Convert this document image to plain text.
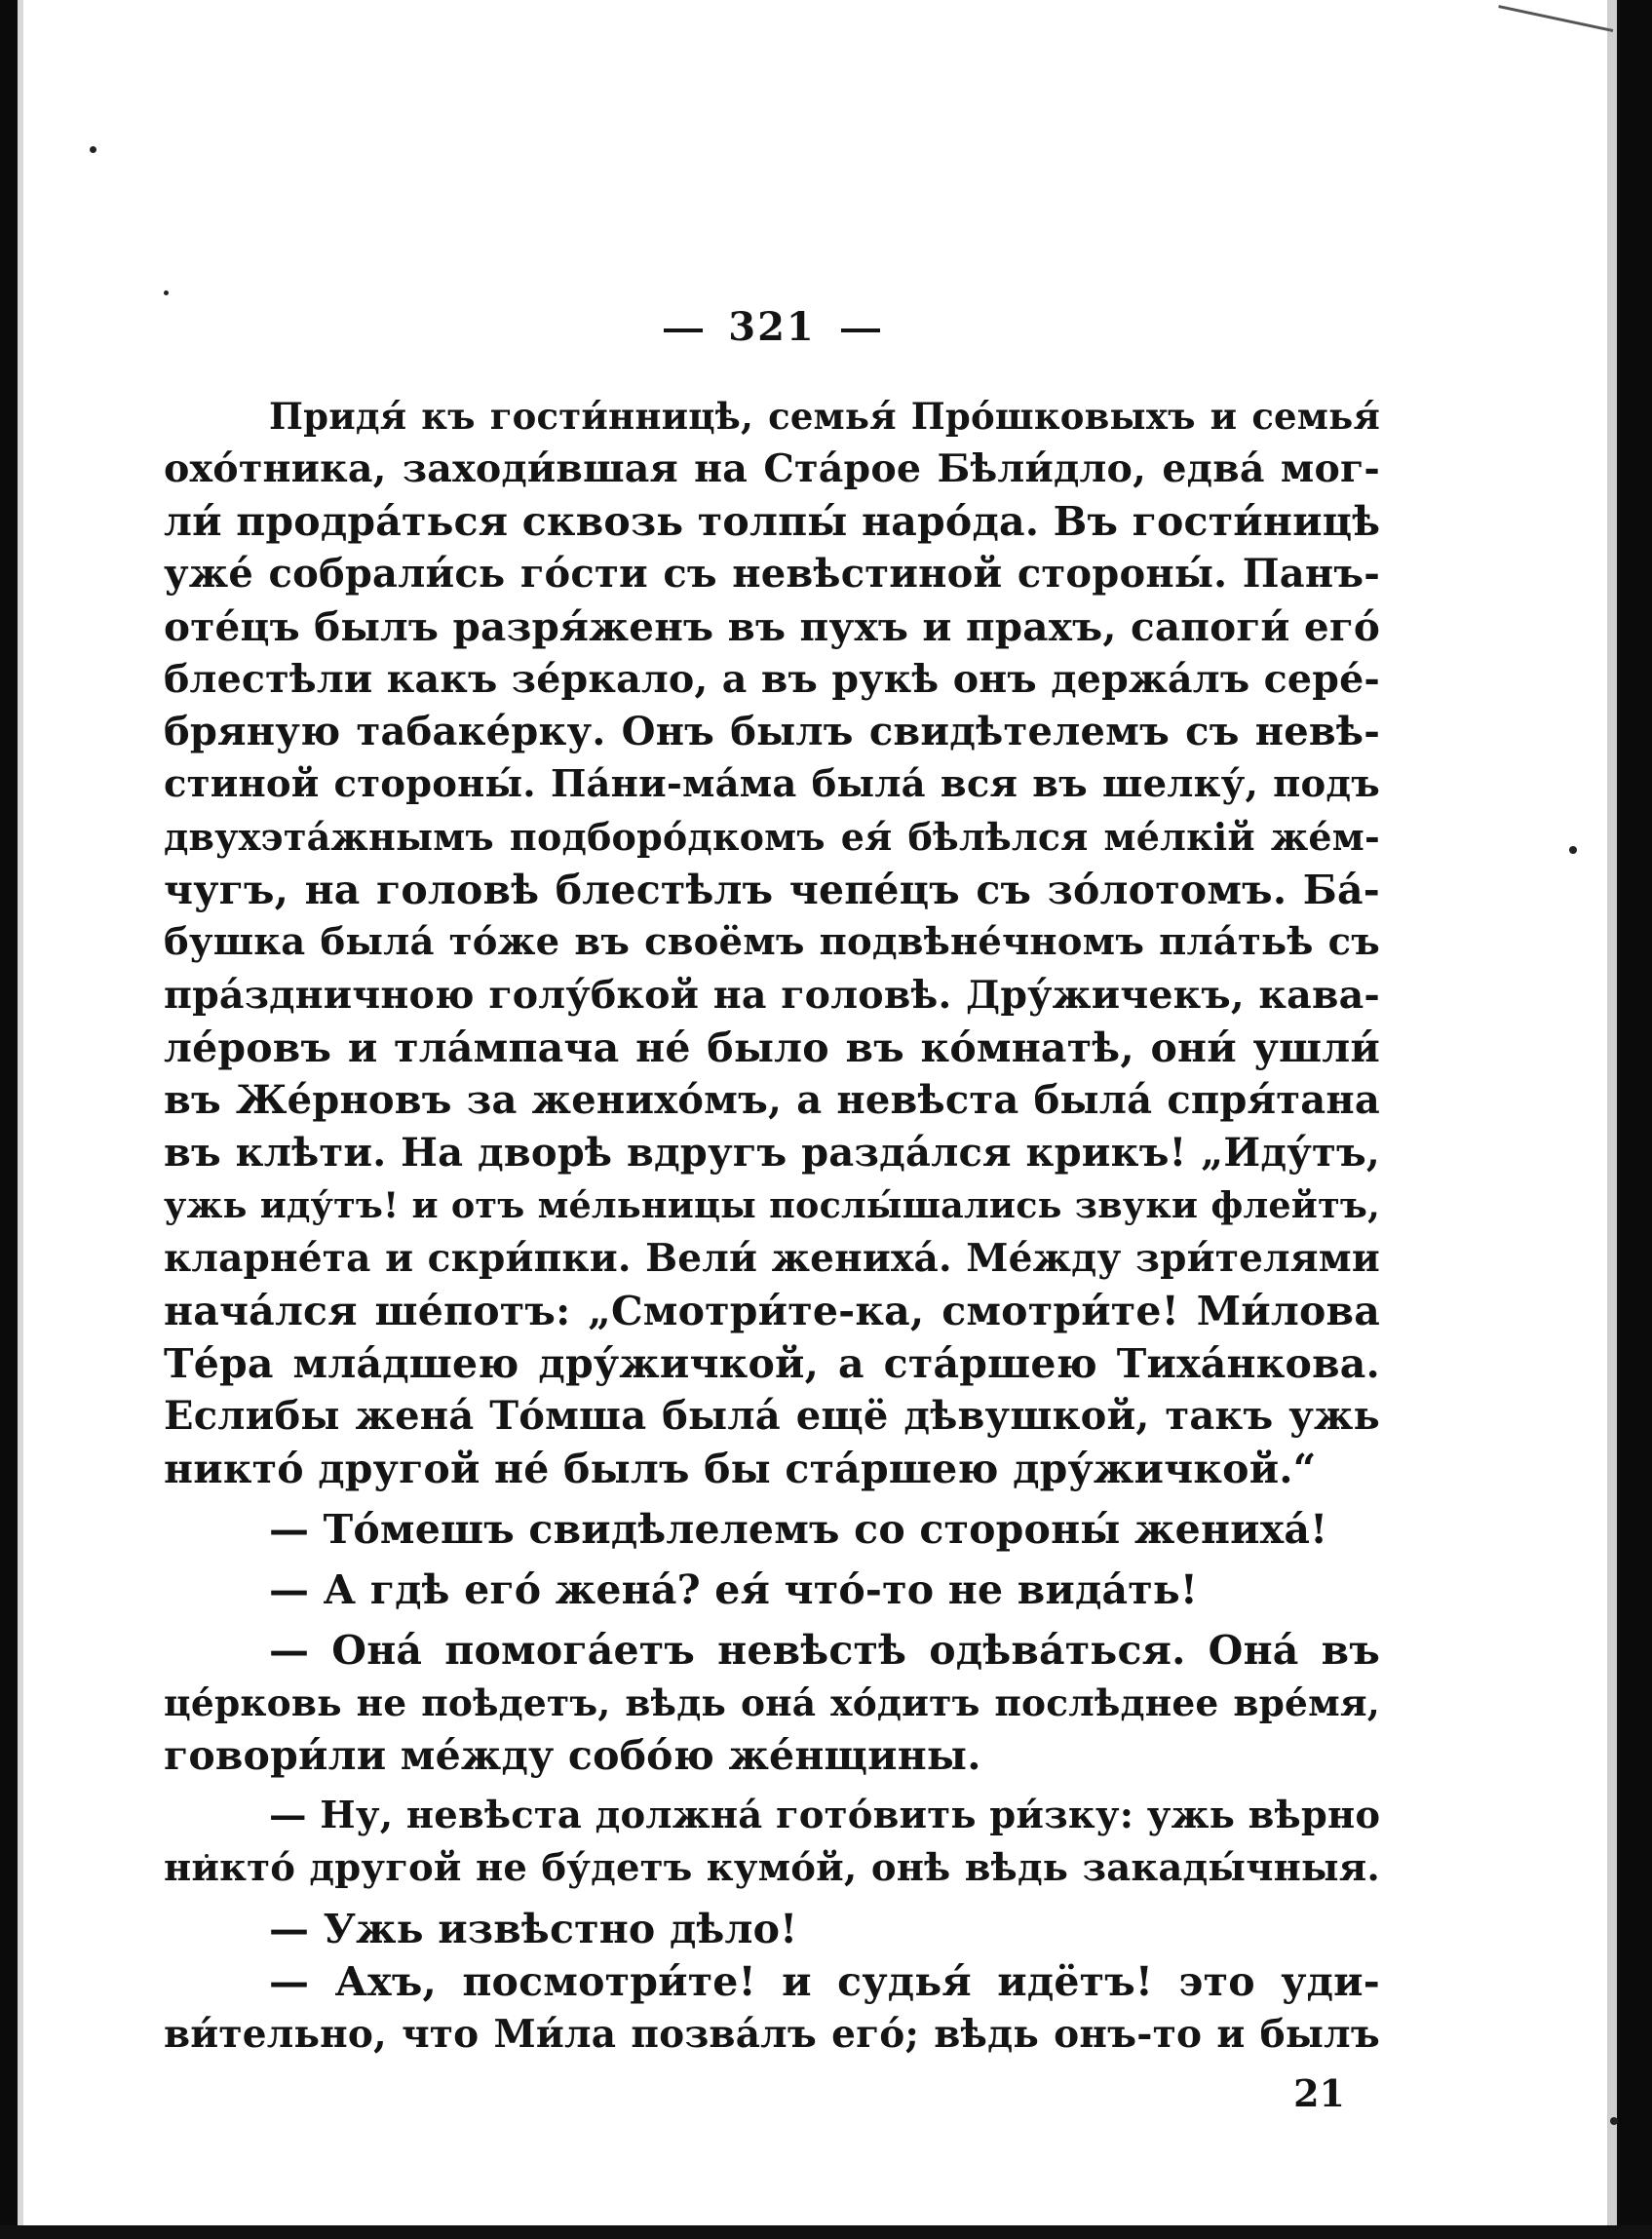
321
Придя́ къ гости́нницѣ, семья́ Про́шковыхъ и семья́
охо́тника, заходи́вшая на Ста́рое Бѣли́дло, едва́ мог-
ли́ продра́ться сквозь толпы́ наро́да. Въ гости́ницѣ
уже́ собрали́сь го́сти съ невѣстиной стороны́. Панъ-
оте́цъ былъ разря́женъ въ пухъ и прахъ, сапоги́ его́
блестѣли какъ зе́ркало, а въ рукѣ онъ держа́лъ сере́-
бряную табаке́рку. Онъ былъ свидѣтелемъ съ невѣ-
стиной стороны́. Па́ни-ма́ма была́ вся въ шелку́, подъ
двухэта́жнымъ подборо́дкомъ ея́ бѣлѣлся ме́лкій же́м-
чугъ, на головѣ блестѣлъ чепе́цъ съ зо́лотомъ. Ба́-
бушка была́ то́же въ своёмъ подвѣне́чномъ пла́тьѣ съ
пра́здничною голу́бкой на головѣ. Дру́жичекъ, кава-
ле́ровъ и тла́мпача не́ было въ ко́мнатѣ, они́ ушли́
въ Же́рновъ за женихо́мъ, а невѣста была́ спря́тана
въ клѣти. На дворѣ вдругъ разда́лся крикъ! „Иду́тъ,
ужь иду́тъ! и отъ ме́льницы послы́шались звуки флейтъ,
кларне́та и скри́пки. Вели́ жениха́. Ме́жду зри́телями
нача́лся ше́потъ: „Смотри́те-ка, смотри́те! Ми́лова
Те́ра мла́дшею дру́жичкой, а ста́ршею Тиха́нкова.
Еслибы жена́ То́мша была́ ещё дѣвушкой, такъ ужь
никто́ другой не́ былъ бы ста́ршею дру́жичкой.“
— То́мешъ свидѣлелемъ со стороны́ жениха́!
— А гдѣ его́ жена́? ея́ что́-то не вида́ть!
— Она́ помога́етъ невѣстѣ одѣва́ться. Она́ въ
це́рковь не поѣдетъ, вѣдь она́ хо́дитъ послѣднее вре́мя,
говори́ли ме́жду собо́ю же́нщины.
— Ну, невѣста должна́ гото́вить ри́зку: ужь вѣрно
никто́ другой не бу́детъ кумо́й, онѣ вѣдь закады́чныя.
— Ужь извѣстно дѣло!
— Ахъ, посмотри́те! и судья́ идётъ! это уди-
ви́тельно, что Ми́ла позва́лъ его́; вѣдь онъ-то и былъ
21
